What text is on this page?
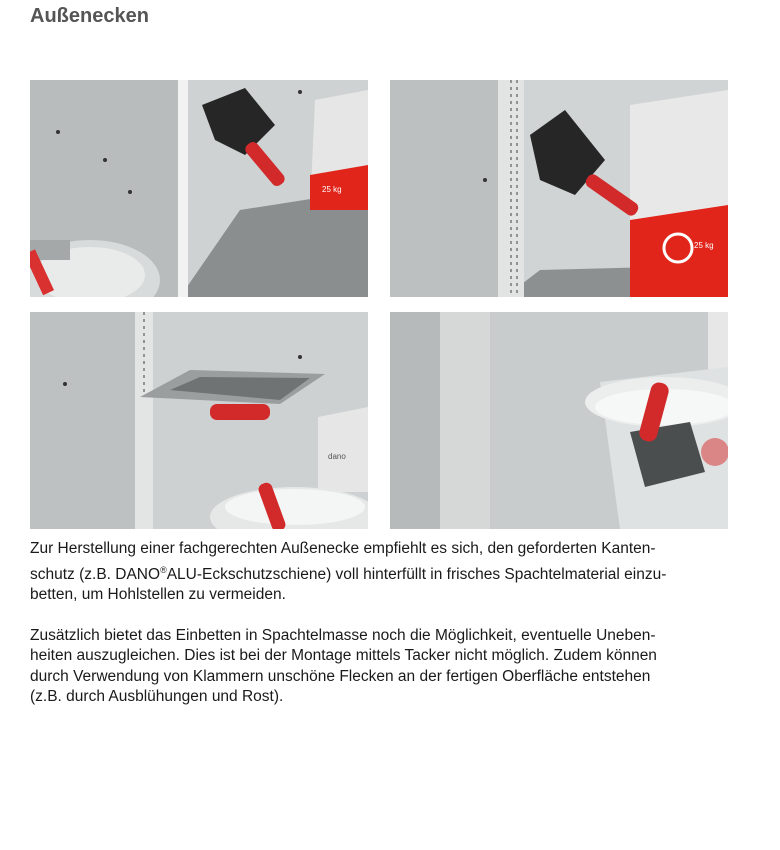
Außenecken
25 kg
25 kg
dano

Zur Herstellung einer fachgerechten Außenecke empfiehlt es sich, den geforderten Kanten-
schutz (z.B. DANO®ALU-Eckschutzschiene) voll hinterfüllt in frisches Spachtelmaterial einzu-
betten, um Hohlstellen zu vermeiden.

Zusätzlich bietet das Einbetten in Spachtelmasse noch die Möglichkeit, eventuelle Uneben-
heiten auszugleichen. Dies ist bei der Montage mittels Tacker nicht möglich. Zudem können
durch Verwendung von Klammern unschöne Flecken an der fertigen Oberfläche entstehen
(z.B. durch Ausblühungen und Rost).
